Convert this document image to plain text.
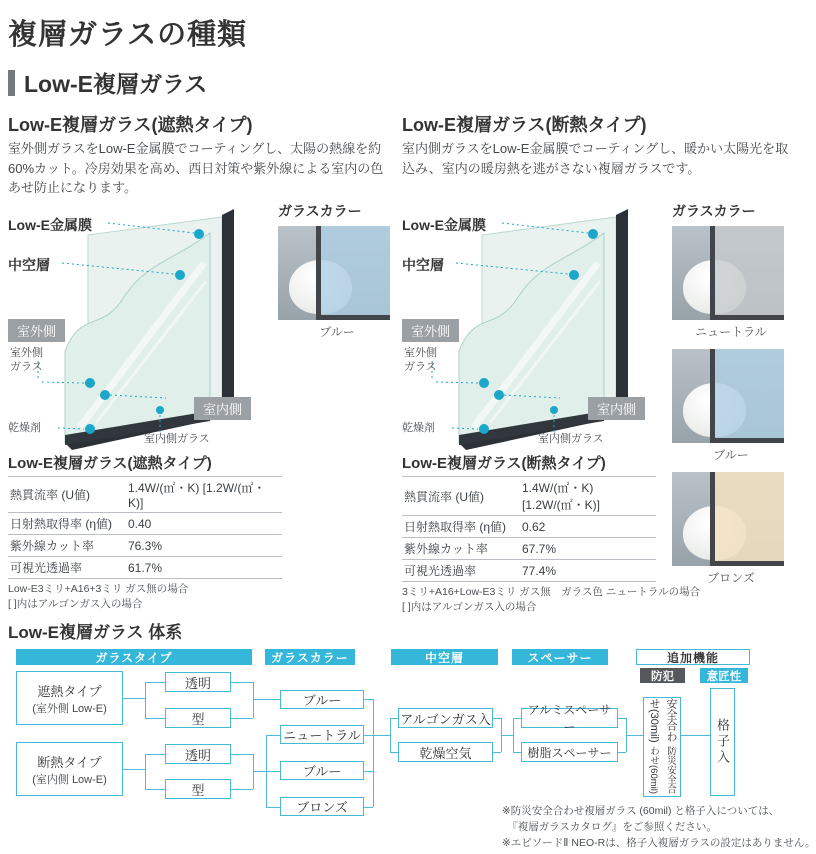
複層ガラスの種類
Low-E複層ガラス
Low-E複層ガラス(遮熱タイプ)
室外側ガラスをLow-E金属膜でコーティングし、太陽の熱線を約60%カット。冷房効果を高め、西日対策や紫外線による室内の色あせ防止になります。
Low-E金属膜
中空層
室外側
室外側
ガラス
乾燥剤
室内側
室内側ガラス
ガラスカラー
ブルー
Low-E複層ガラス(遮熱タイプ)
熱貫流率 (U値)	1.4W/(㎡・K) [1.2W/(㎡・K)]
日射熱取得率 (η値)	0.40
紫外線カット率	76.3%
可視光透過率	61.7%
Low-E3ミリ+A16+3ミリ ガス無の場合
[ ]内はアルゴンガス入の場合
Low-E複層ガラス(断熱タイプ)
室内側ガラスをLow-E金属膜でコーティングし、暖かい太陽光を取込み、室内の暖房熱を逃がさない複層ガラスです。
Low-E金属膜
中空層
室外側
室外側
ガラス
乾燥剤
室内側
室内側ガラス
ガラスカラー
ニュートラル
ブルー
ブロンズ
Low-E複層ガラス(断熱タイプ)
熱貫流率 (U値)	1.4W/(㎡・K) [1.2W/(㎡・K)]
日射熱取得率 (η値)	0.62
紫外線カット率	67.7%
可視光透過率	77.4%
3ミリ+A16+Low-E3ミリ ガス無　ガラス色 ニュートラルの場合
[ ]内はアルゴンガス入の場合
Low-E複層ガラス 体系
ガラスタイプ	ガラスカラー	中空層	スペーサー	追加機能
防犯	意匠性
遮熱タイプ
(室外側 Low-E)
透明
型
断熱タイプ
(室内側 Low-E)
透明
型
ブルー
ニュートラル
ブルー
ブロンズ
アルゴンガス入
乾燥空気
アルミスペーサー
樹脂スペーサー
安全合わせ(30mil)
防災安全合わせ(60mil)
格子入
※防災安全合わせ複層ガラス (60mil) と格子入については、
　『複層ガラスカタログ』をご参照ください。
※エピソードⅡ NEO-Rは、格子入複層ガラスの設定はありません。
